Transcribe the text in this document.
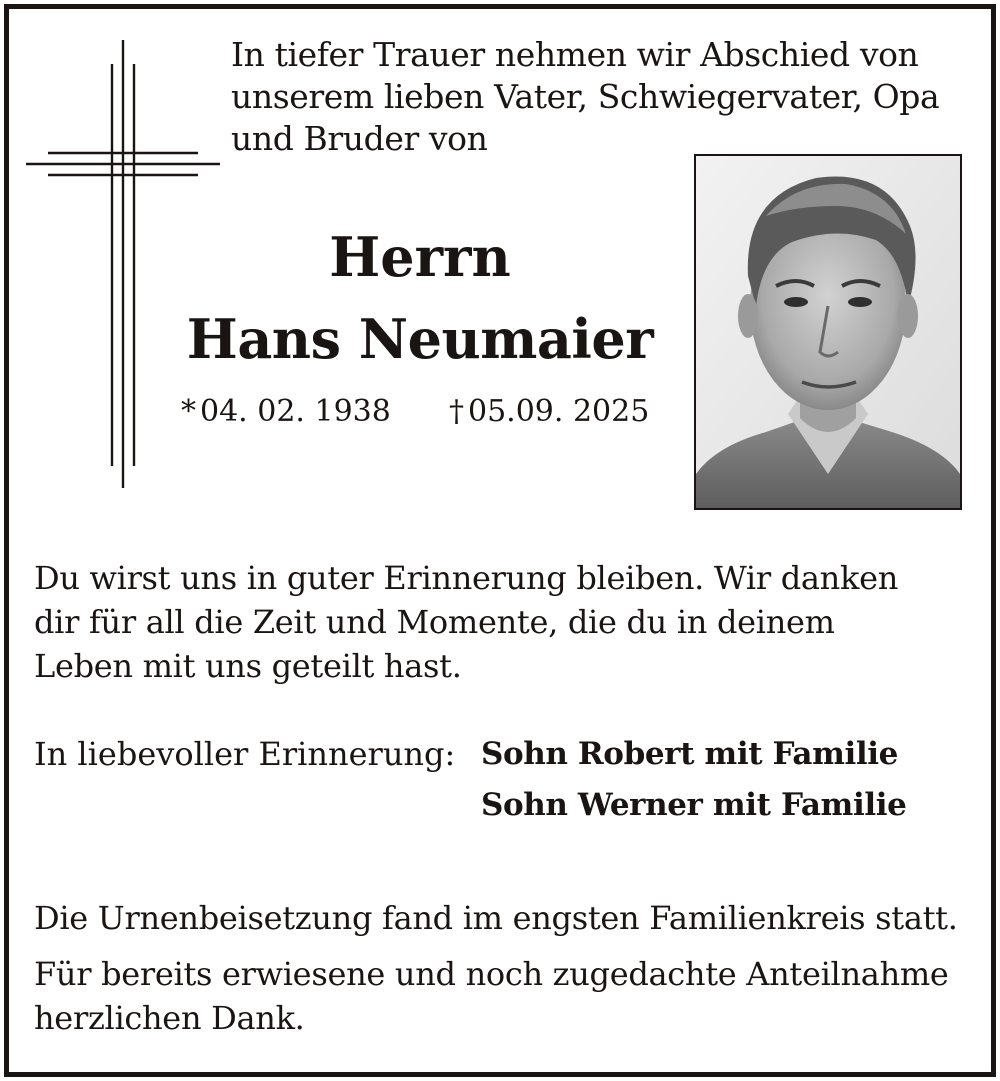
In tiefer Trauer nehmen wir Abschied von
unserem lieben Vater, Schwiegervater, Opa
und Bruder von
Herrn
Hans Neumaier
* 04. 02. 1938 † 05.09. 2025
Du wirst uns in guter Erinnerung bleiben. Wir danken
dir für all die Zeit und Momente, die du in deinem
Leben mit uns geteilt hast.
In liebevoller Erinnerung: Sohn Robert mit Familie
Sohn Werner mit Familie
Die Urnenbeisetzung fand im engsten Familienkreis statt.
Für bereits erwiesene und noch zugedachte Anteilnahme
herzlichen Dank.
